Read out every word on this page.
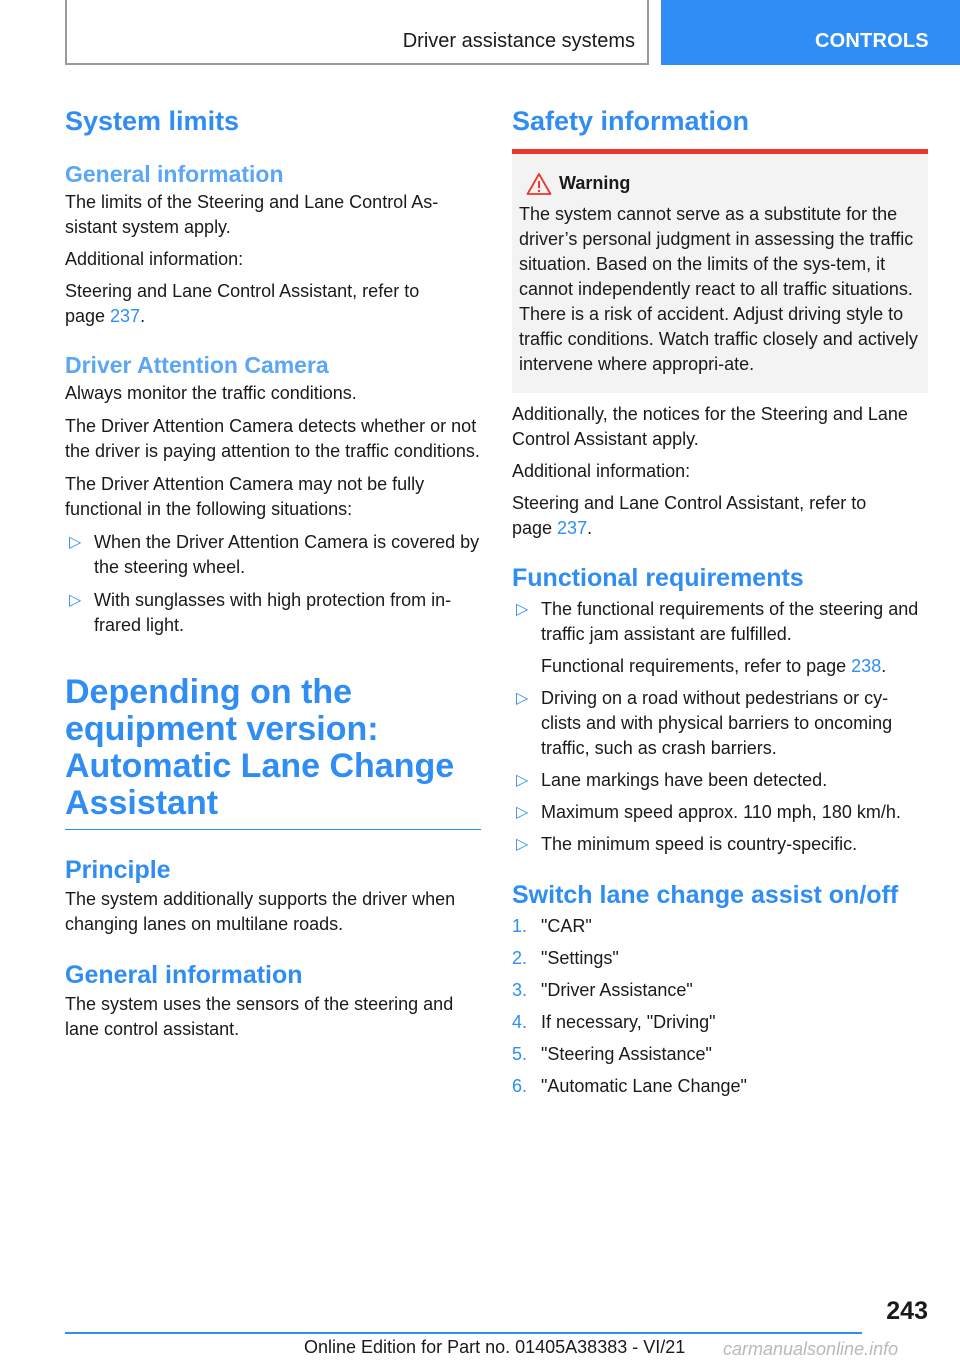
Driver assistance systems	CONTROLS
System limits
General information
The limits of the Steering and Lane Control As‐sistant system apply.
Additional information:
Steering and Lane Control Assistant, refer to
page 237.
Driver Attention Camera
Always monitor the traffic conditions.
The Driver Attention Camera detects whether or not the driver is paying attention to the traffic conditions.
The Driver Attention Camera may not be fully functional in the following situations:
▷ When the Driver Attention Camera is covered by the steering wheel.
▷ With sunglasses with high protection from in‐frared light.
Depending on the equipment version: Automatic Lane Change Assistant
Principle
The system additionally supports the driver when changing lanes on multilane roads.
General information
The system uses the sensors of the steering and lane control assistant.
Safety information
Warning
The system cannot serve as a substitute for the driver’s personal judgment in assessing the traffic situation. Based on the limits of the sys‐tem, it cannot independently react to all traffic situations. There is a risk of accident. Adjust driving style to traffic conditions. Watch traffic closely and actively intervene where appropri‐ate.
Additionally, the notices for the Steering and Lane Control Assistant apply.
Additional information:
Steering and Lane Control Assistant, refer to
page 237.
Functional requirements
▷ The functional requirements of the steering and traffic jam assistant are fulfilled.
Functional requirements, refer to page 238.
▷ Driving on a road without pedestrians or cy‐clists and with physical barriers to oncoming traffic, such as crash barriers.
▷ Lane markings have been detected.
▷ Maximum speed approx. 110 mph, 180 km/h.
▷ The minimum speed is country-specific.
Switch lane change assist on/off
1. "CAR"
2. "Settings"
3. "Driver Assistance"
4. If necessary, "Driving"
5. "Steering Assistance"
6. "Automatic Lane Change"
243
Online Edition for Part no. 01405A38383 - VI/21 carmanualsonline.info
